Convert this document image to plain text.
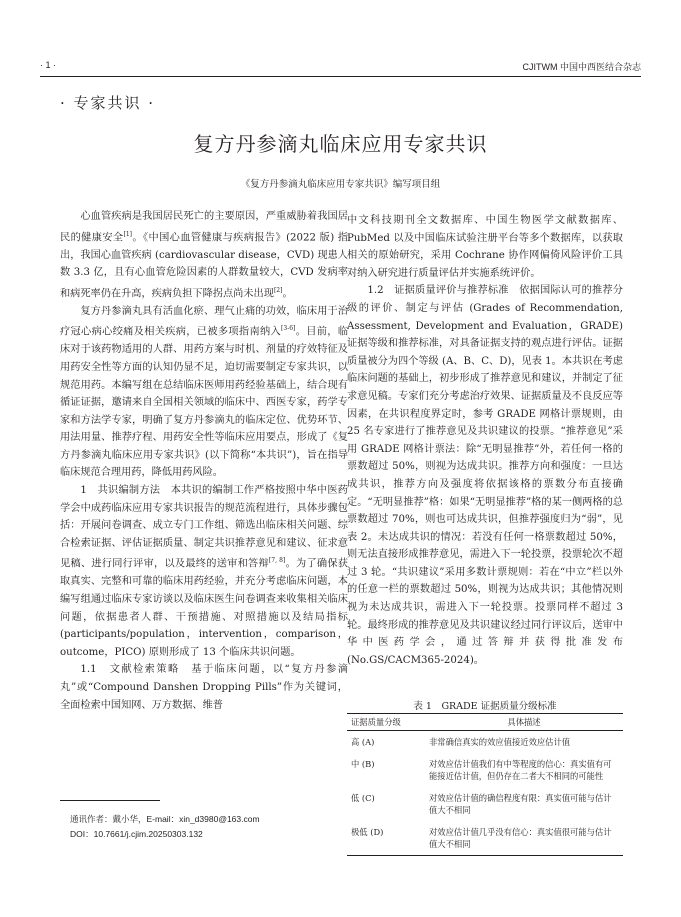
· 1 ·	CJITWM 中国中西医结合杂志
· 专家共识 ·
复方丹参滴丸临床应用专家共识
《复方丹参滴丸临床应用专家共识》编写项目组

心血管疾病是我国居民死亡的主要原因，严重威胁着我国居民的健康安全[1]。《中国心血管健康与疾病报告》(2022 版) 指出，我国心血管疾病 (cardiovascular disease，CVD) 现患人数 3.3 亿，且有心血管危险因素的人群数量较大，CVD 发病率和病死率仍在升高，疾病负担下降拐点尚未出现[2]。

复方丹参滴丸具有活血化瘀、理气止痛的功效，临床用于治疗冠心病心绞痛及相关疾病，已被多项指南纳入[3-6]。目前，临床对于该药物适用的人群、用药方案与时机、剂量的疗效特征及用药安全性等方面的认知仍显不足，迫切需要制定专家共识，以规范用药。本编写组在总结临床医师用药经验基础上，结合现有循证证据，邀请来自全国相关领域的临床中、西医专家，药学专家和方法学专家，明确了复方丹参滴丸的临床定位、优势环节、用法用量、推荐疗程、用药安全性等临床应用要点，形成了《复方丹参滴丸临床应用专家共识》(以下简称“本共识”)，旨在指导临床规范合理用药，降低用药风险。

1　共识编制方法　本共识的编制工作严格按照中华中医药学会中成药临床应用专家共识报告的规范流程进行，具体步骤包括：开展问卷调查、成立专门工作组、筛选出临床相关问题、综合检索证据、评估证据质量、制定共识推荐意见和建议、征求意见稿、进行同行评审，以及最终的送审和答辩[7, 8]。为了确保获取真实、完整和可靠的临床用药经验，并充分考虑临床问题，本编写组通过临床专家访谈以及临床医生问卷调查来收集相关临床问题，依据患者人群、干预措施、对照措施以及结局指标 (participants/population，intervention，comparison，outcome，PICO) 原则形成了 13 个临床共识问题。

1.1　文献检索策略　基于临床问题，以“复方丹参滴丸”或“Compound Danshen Dropping Pills”作为关键词，全面检索中国知网、万方数据、维普

中文科技期刊全文数据库、中国生物医学文献数据库、PubMed 以及中国临床试验注册平台等多个数据库，以获取相关的原始研究，采用 Cochrane 协作网偏倚风险评价工具对纳入研究进行质量评估并实施系统评价。

1.2　证据质量评价与推荐标准　依据国际认可的推荐分级的评价、制定与评估 (Grades of Recommendation, Assessment, Development and Evaluation，GRADE) 证据等级和推荐标准，对具备证据支持的观点进行评估。证据质量被分为四个等级 (A、B、C、D)，见表 1。本共识在考虑临床问题的基础上，初步形成了推荐意见和建议，并制定了征求意见稿。专家们充分考虑治疗效果、证据质量及不良反应等因素，在共识程度界定时，参考 GRADE 网格计票规则，由 25 名专家进行了推荐意见及共识建议的投票。“推荐意见”采用 GRADE 网格计票法：除“无明显推荐”外，若任何一格的票数超过 50%，则视为达成共识。推荐方向和强度：一旦达成共识，推荐方向及强度将依据该格的票数分布直接确定。“无明显推荐”格：如果“无明显推荐”格的某一侧两格的总票数超过 70%，则也可达成共识，但推荐强度归为“弱”，见表 2。未达成共识的情况：若没有任何一格票数超过 50%，则无法直接形成推荐意见，需进入下一轮投票，投票轮次不超过 3 轮。“共识建议”采用多数计票规则：若在“中立”栏以外的任意一栏的票数超过 50%，则视为达成共识；其他情况则视为未达成共识，需进入下一轮投票。投票同样不超过 3 轮。最终形成的推荐意见及共识建议经过同行评议后，送审中华中医药学会，通过答辩并获得批准发布 (No.GS/CACM365-2024)。

表 1　GRADE 证据质量分级标准
证据质量分级	具体描述
高 (A)	非常确信真实的效应值接近效应估计值
中 (B)	对效应估计值我们有中等程度的信心：真实值有可能接近估计值，但仍存在二者大不相同的可能性
低 (C)	对效应估计值的确信程度有限：真实值可能与估计值大不相同
极低 (D)	对效应估计值几乎没有信心：真实值很可能与估计值大不相同
通讯作者：戴小华，E-mail：xin_d3980@163.com
DOI：10.7661/j.cjim.20250303.132
